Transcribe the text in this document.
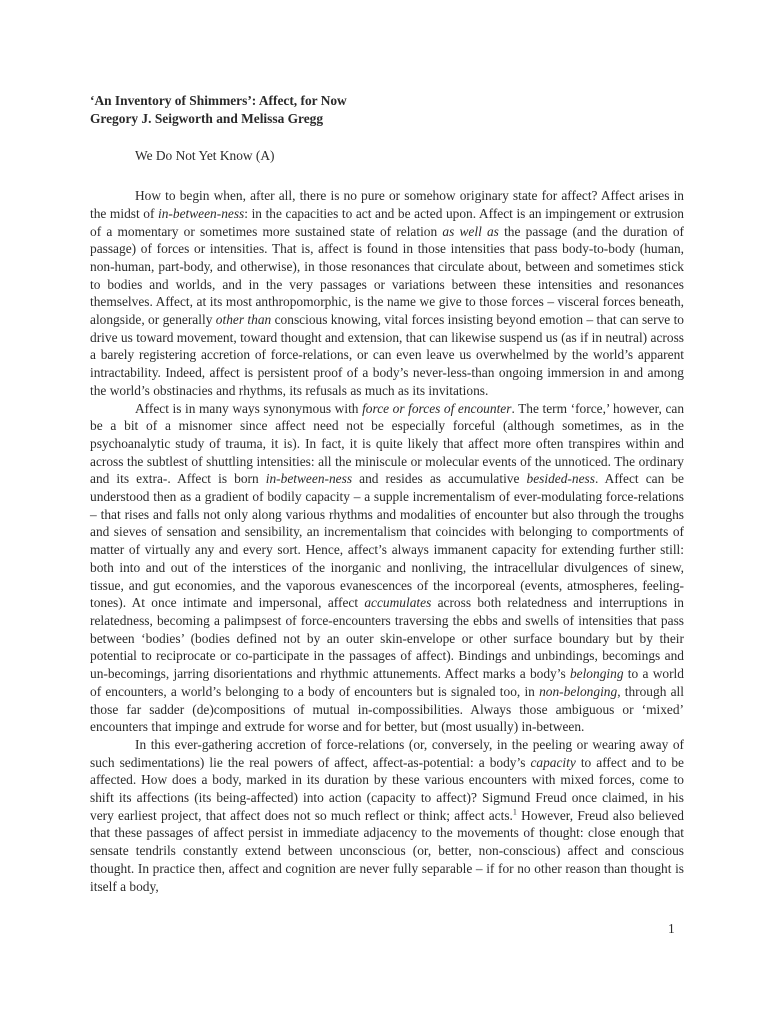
‘An Inventory of Shimmers’: Affect, for Now
Gregory J. Seigworth and Melissa Gregg
We Do Not Yet Know (A)

How to begin when, after all, there is no pure or somehow originary state for affect? Affect arises in the midst of in-between-ness: in the capacities to act and be acted upon. Affect is an impingement or extrusion of a momentary or sometimes more sustained state of relation as well as the passage (and the duration of passage) of forces or intensities. That is, affect is found in those intensities that pass body-to-body (human, non-human, part-body, and otherwise), in those resonances that circulate about, between and sometimes stick to bodies and worlds, and in the very passages or variations between these intensities and resonances themselves. Affect, at its most anthropomorphic, is the name we give to those forces – visceral forces beneath, alongside, or generally other than conscious knowing, vital forces insisting beyond emotion – that can serve to drive us toward movement, toward thought and extension, that can likewise suspend us (as if in neutral) across a barely registering accretion of force-relations, or can even leave us overwhelmed by the world’s apparent intractability. Indeed, affect is persistent proof of a body’s never-less-than ongoing immersion in and among the world’s obstinacies and rhythms, its refusals as much as its invitations.

Affect is in many ways synonymous with force or forces of encounter. The term ‘force,’ however, can be a bit of a misnomer since affect need not be especially forceful (although sometimes, as in the psychoanalytic study of trauma, it is). In fact, it is quite likely that affect more often transpires within and across the subtlest of shuttling intensities: all the miniscule or molecular events of the unnoticed. The ordinary and its extra-. Affect is born in-between-ness and resides as accumulative besided-ness. Affect can be understood then as a gradient of bodily capacity – a supple incrementalism of ever-modulating force-relations – that rises and falls not only along various rhythms and modalities of encounter but also through the troughs and sieves of sensation and sensibility, an incrementalism that coincides with belonging to comportments of matter of virtually any and every sort. Hence, affect’s always immanent capacity for extending further still: both into and out of the interstices of the inorganic and nonliving, the intracellular divulgences of sinew, tissue, and gut economies, and the vaporous evanescences of the incorporeal (events, atmospheres, feeling-tones). At once intimate and impersonal, affect accumulates across both relatedness and interruptions in relatedness, becoming a palimpsest of force-encounters traversing the ebbs and swells of intensities that pass between ‘bodies’ (bodies defined not by an outer skin-envelope or other surface boundary but by their potential to reciprocate or co-participate in the passages of affect). Bindings and unbindings, becomings and un-becomings, jarring disorientations and rhythmic attunements. Affect marks a body’s belonging to a world of encounters, a world’s belonging to a body of encounters but is signaled too, in non-belonging, through all those far sadder (de)compositions of mutual in-compossibilities. Always those ambiguous or ‘mixed’ encounters that impinge and extrude for worse and for better, but (most usually) in-between.

In this ever-gathering accretion of force-relations (or, conversely, in the peeling or wearing away of such sedimentations) lie the real powers of affect, affect-as-potential: a body’s capacity to affect and to be affected. How does a body, marked in its duration by these various encounters with mixed forces, come to shift its affections (its being-affected) into action (capacity to affect)? Sigmund Freud once claimed, in his very earliest project, that affect does not so much reflect or think; affect acts.$^1$ However, Freud also believed that these passages of affect persist in immediate adjacency to the movements of thought: close enough that sensate tendrils constantly extend between unconscious (or, better, non-conscious) affect and conscious thought. In practice then, affect and cognition are never fully separable – if for no other reason than thought is itself a body,

1
